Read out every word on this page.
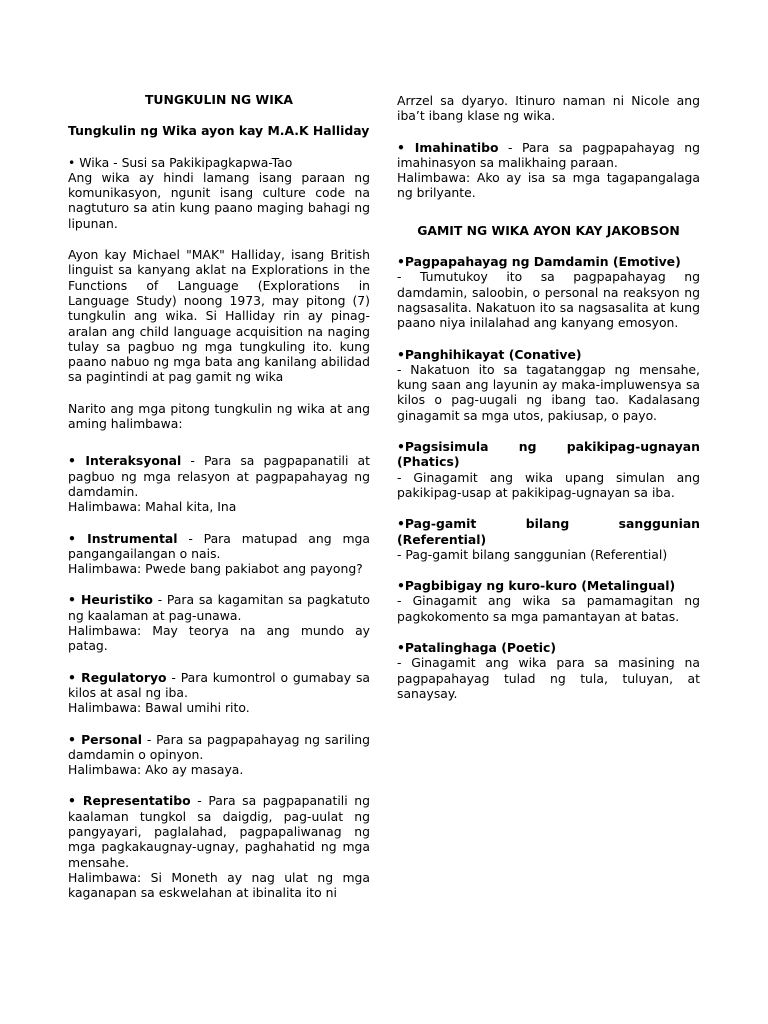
TUNGKULIN NG WIKA

Tungkulin ng Wika ayon kay M.A.K Halliday

• Wika - Susi sa Pakikipagkapwa-Tao

Ang wika ay hindi lamang isang paraan ng komunikasyon, ngunit isang culture code na nagtuturo sa atin kung paano maging bahagi ng lipunan.

Ayon kay Michael "MAK" Halliday, isang British linguist sa kanyang aklat na Explorations in the Functions of Language (Explorations in Language Study) noong 1973, may pitong (7) tungkulin ang wika. Si Halliday rin ay pinag-aralan ang child language acquisition na naging tulay sa pagbuo ng mga tungkuling ito. kung paano nabuo ng mga bata ang kanilang abilidad sa pagintindi at pag gamit ng wika

Narito ang mga pitong tungkulin ng wika at ang aming halimbawa:

• Interaksyonal - Para sa pagpapanatili at pagbuo ng mga relasyon at pagpapahayag ng damdamin.

Halimbawa: Mahal kita, Ina

• Instrumental - Para matupad ang mga pangangailangan o nais.

Halimbawa: Pwede bang pakiabot ang payong?

• Heuristiko - Para sa kagamitan sa pagkatuto ng kaalaman at pag-unawa.

Halimbawa: May teorya na ang mundo ay patag.

• Regulatoryo - Para kumontrol o gumabay sa kilos at asal ng iba.

Halimbawa: Bawal umihi rito.

• Personal - Para sa pagpapahayag ng sariling damdamin o opinyon.

Halimbawa: Ako ay masaya.

• Representatibo - Para sa pagpapanatili ng kaalaman tungkol sa daigdig, pag-uulat ng pangyayari, paglalahad, pagpapaliwanag ng mga pagkakaugnay-ugnay, paghahatid ng mga mensahe.

Halimbawa: Si Moneth ay nag ulat ng mga kaganapan sa eskwelahan at ibinalita ito ni

Arrzel sa dyaryo. Itinuro naman ni Nicole ang iba’t ibang klase ng wika.

• Imahinatibo - Para sa pagpapahayag ng imahinasyon sa malikhaing paraan.

Halimbawa: Ako ay isa sa mga tagapangalaga ng brilyante.

GAMIT NG WIKA AYON KAY JAKOBSON

•Pagpapahayag ng Damdamin (Emotive)

- Tumutukoy ito sa pagpapahayag ng damdamin, saloobin, o personal na reaksyon ng nagsasalita. Nakatuon ito sa nagsasalita at kung paano niya inilalahad ang kanyang emosyon.

•Panghihikayat (Conative)

- Nakatuon ito sa tagatanggap ng mensahe, kung saan ang layunin ay maka-impluwensya sa kilos o pag-uugali ng ibang tao. Kadalasang ginagamit sa mga utos, pakiusap, o payo.

•Pagsisimula ng pakikipag-ugnayan (Phatics)

- Ginagamit ang wika upang simulan ang pakikipag-usap at pakikipag-ugnayan sa iba.

•Pag-gamit bilang sanggunian (Referential)

- Pag-gamit bilang sanggunian (Referential)

•Pagbibigay ng kuro-kuro (Metalingual)

- Ginagamit ang wika sa pamamagitan ng pagkokomento sa mga pamantayan at batas.

•Patalinghaga (Poetic)

- Ginagamit ang wika para sa masining na pagpapahayag tulad ng tula, tuluyan, at sanaysay.
